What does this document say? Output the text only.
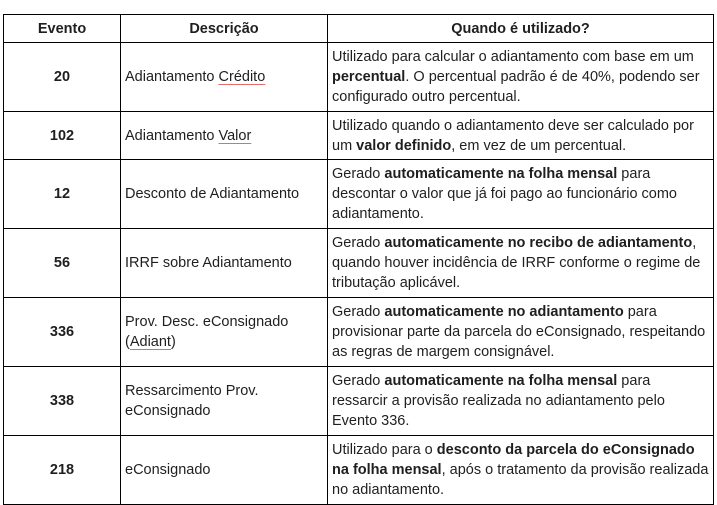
Evento	Descrição	Quando é utilizado?
20	Adiantamento Crédito	Utilizado para calcular o adiantamento com base em um percentual. O percentual padrão é de 40%, podendo ser configurado outro percentual.
102	Adiantamento Valor	Utilizado quando o adiantamento deve ser calculado por um valor definido, em vez de um percentual.
12	Desconto de Adiantamento	Gerado automaticamente na folha mensal para descontar o valor que já foi pago ao funcionário como adiantamento.
56	IRRF sobre Adiantamento	Gerado automaticamente no recibo de adiantamento, quando houver incidência de IRRF conforme o regime de tributação aplicável.
336	Prov. Desc. eConsignado (Adiant)	Gerado automaticamente no adiantamento para provisionar parte da parcela do eConsignado, respeitando as regras de margem consignável.
338	Ressarcimento Prov. eConsignado	Gerado automaticamente na folha mensal para ressarcir a provisão realizada no adiantamento pelo Evento 336.
218	eConsignado	Utilizado para o desconto da parcela do eConsignado na folha mensal, após o tratamento da provisão realizada no adiantamento.
